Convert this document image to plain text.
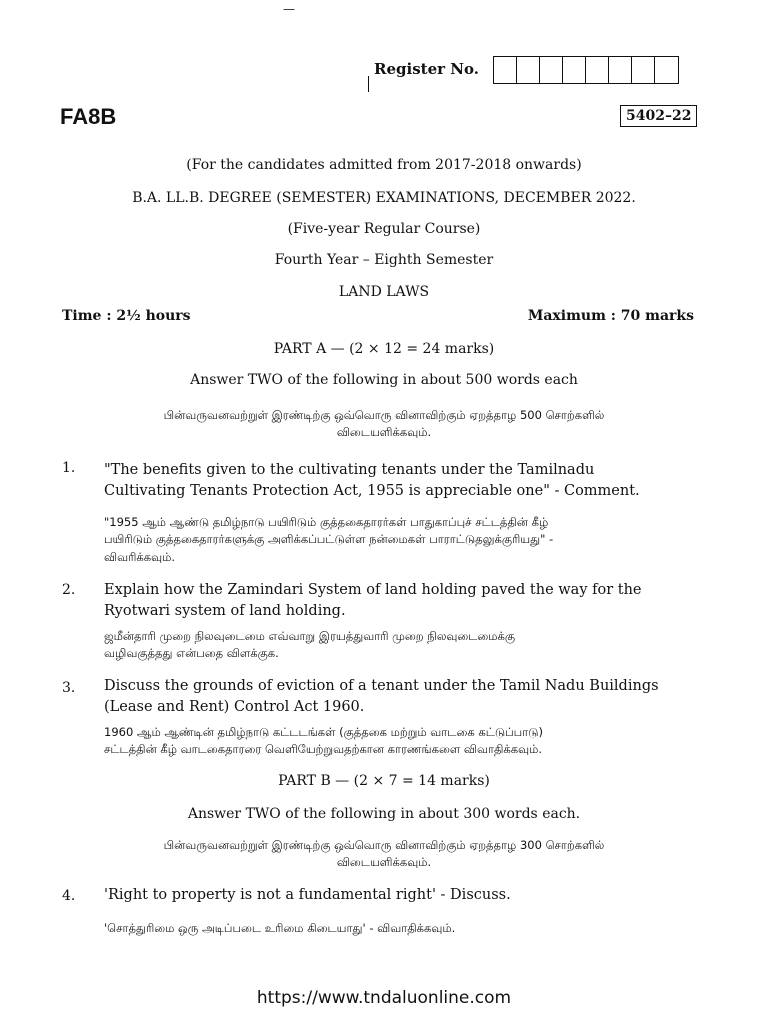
—
Register No.
FA8B	5402–22
(For the candidates admitted from 2017-2018 onwards)
B.A. LL.B. DEGREE (SEMESTER) EXAMINATIONS, DECEMBER 2022.
(Five-year Regular Course)
Fourth Year – Eighth Semester
LAND LAWS
Time : 2½ hours	Maximum : 70 marks
PART A — (2 × 12 = 24 marks)
Answer TWO of the following in about 500 words each
பின்வருவனவற்றுள் இரண்டிற்கு ஒவ்வொரு வினாவிற்கும் ஏறத்தாழ 500 சொற்களில்
விடையளிக்கவும்.
1. "The benefits given to the cultivating tenants under the Tamilnadu
Cultivating Tenants Protection Act, 1955 is appreciable one" - Comment.
"1955 ஆம் ஆண்டு தமிழ்நாடு பயிரிடும் குத்தகைதாரர்கள் பாதுகாப்புச் சட்டத்தின் கீழ்
பயிரிடும் குத்தகைதாரர்களுக்கு அளிக்கப்பட்டுள்ள நன்மைகள் பாராட்டுதலுக்குரியது" -
விவரிக்கவும்.
2. Explain how the Zamindari System of land holding paved the way for the
Ryotwari system of land holding.
ஜமீன்தாரி முறை நிலவுடைமை எவ்வாறு இரயத்துவாரி முறை நிலவுடைமைக்கு
வழிவகுத்தது என்பதை விளக்குக.
3. Discuss the grounds of eviction of a tenant under the Tamil Nadu Buildings
(Lease and Rent) Control Act 1960.
1960 ஆம் ஆண்டின் தமிழ்நாடு கட்டடங்கள் (குத்தகை மற்றும் வாடகை கட்டுப்பாடு)
சட்டத்தின் கீழ் வாடகைதாரரை வெளியேற்றுவதற்கான காரணங்களை விவாதிக்கவும்.
PART B — (2 × 7 = 14 marks)
Answer TWO of the following in about 300 words each.
பின்வருவனவற்றுள் இரண்டிற்கு ஒவ்வொரு வினாவிற்கும் ஏறத்தாழ 300 சொற்களில்
விடையளிக்கவும்.
4. 'Right to property is not a fundamental right' - Discuss.
'சொத்துரிமை ஒரு அடிப்படை உரிமை கிடையாது' - விவாதிக்கவும்.
https://www.tndaluonline.com
